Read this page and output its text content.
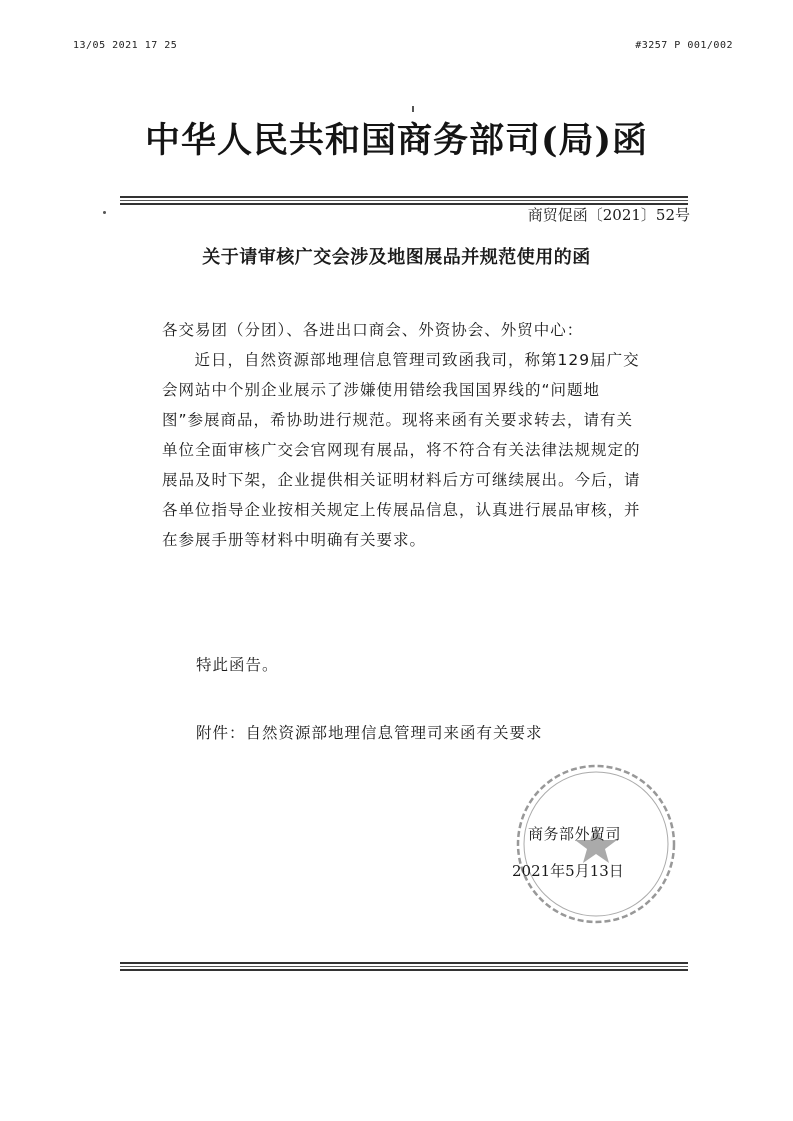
13/05 2021 17 25	#3257 P 001/002
中华人民共和国商务部司(局)函
商贸促函〔2021〕52号
关于请审核广交会涉及地图展品并规范使用的函
各交易团（分团）、各进出口商会、外资协会、外贸中心：
近日，自然资源部地理信息管理司致函我司，称第129届广交会网站中个别企业展示了涉嫌使用错绘我国国界线的“问题地图”参展商品，希协助进行规范。现将来函有关要求转去，请有关单位全面审核广交会官网现有展品，将不符合有关法律法规规定的展品及时下架，企业提供相关证明材料后方可继续展出。今后，请各单位指导企业按相关规定上传展品信息，认真进行展品审核，并在参展手册等材料中明确有关要求。
特此函告。
附件：自然资源部地理信息管理司来函有关要求
商务部外贸司
2021年5月13日
